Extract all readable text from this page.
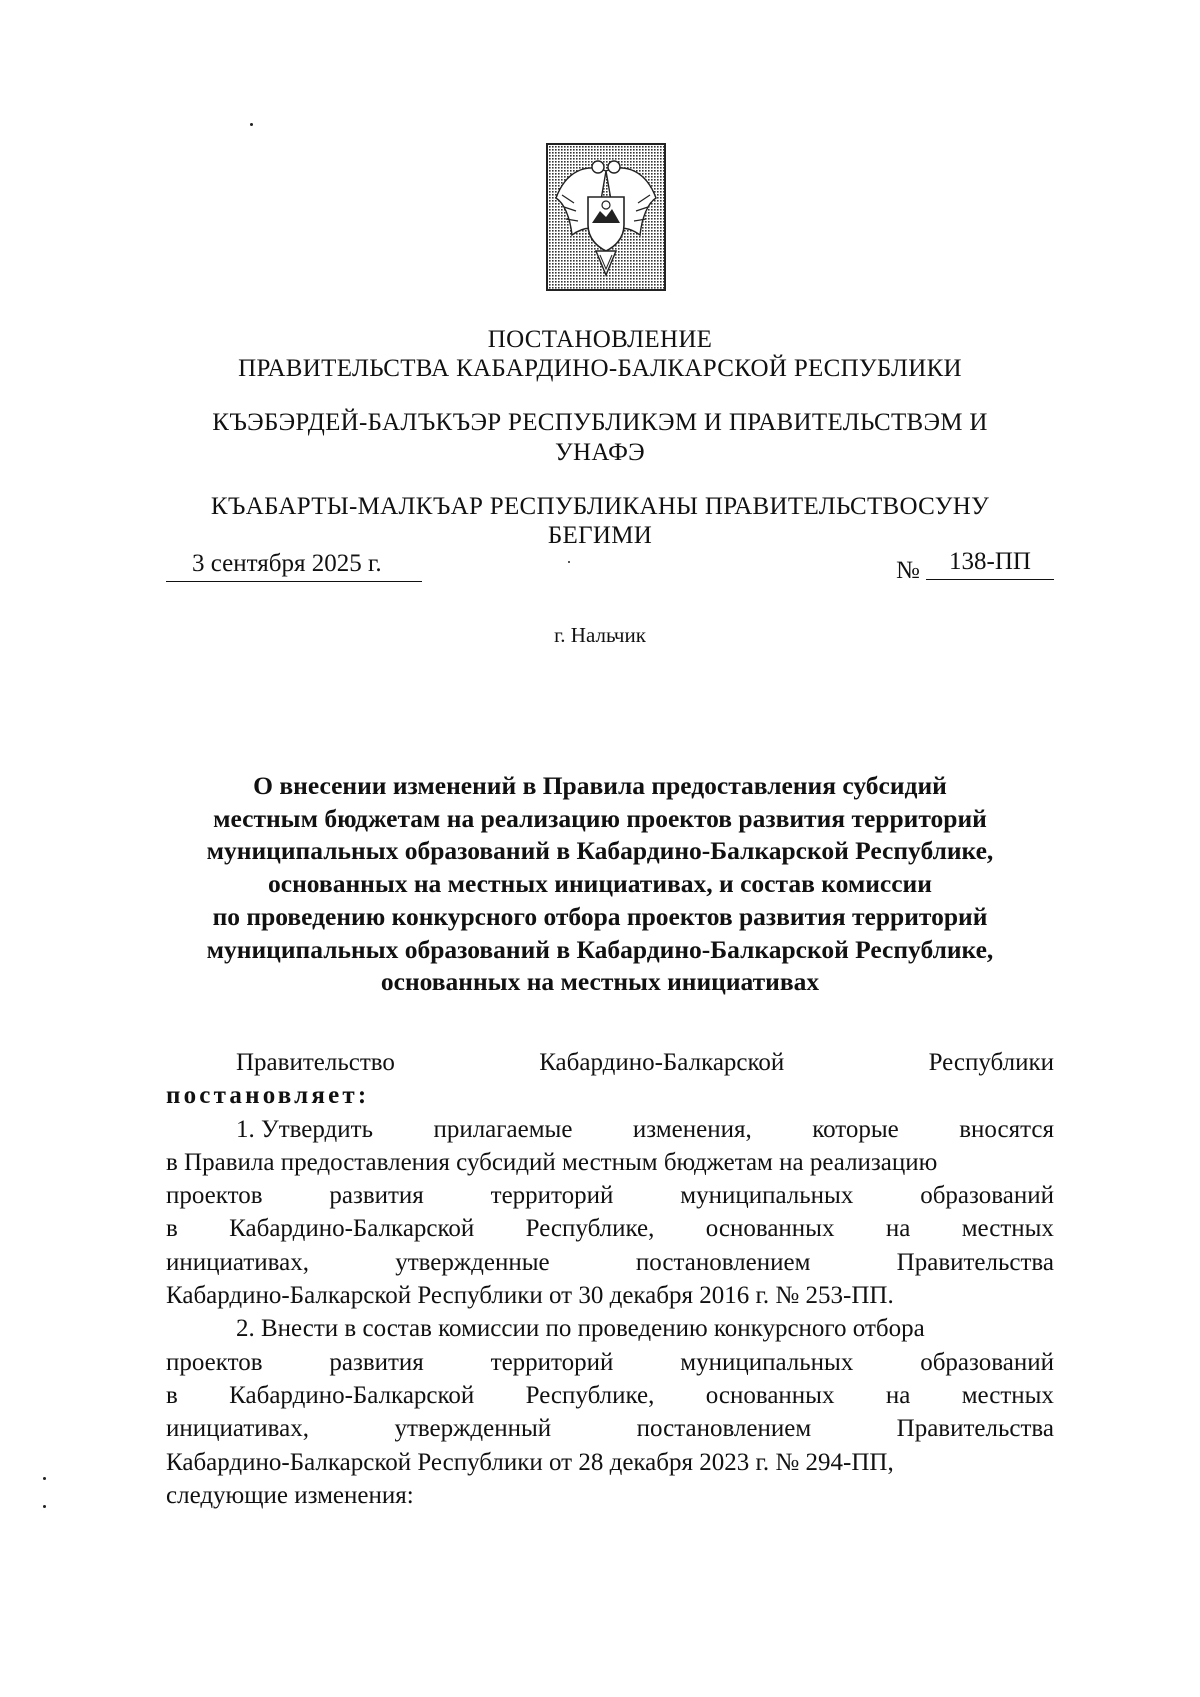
ПОСТАНОВЛЕНИЕ
ПРАВИТЕЛЬСТВА КАБАРДИНО-БАЛКАРСКОЙ РЕСПУБЛИКИ
КЪЭБЭРДЕЙ-БАЛЪКЪЭР РЕСПУБЛИКЭМ И ПРАВИТЕЛЬСТВЭМ И
УНАФЭ
КЪАБАРТЫ-МАЛКЪАР РЕСПУБЛИКАНЫ ПРАВИТЕЛЬСТВОСУНУ
БЕГИМИ
3 сентября 2025 г.	№	138-ПП
г. Нальчик
О внесении изменений в Правила предоставления субсидий
местным бюджетам на реализацию проектов развития территорий
муниципальных образований в Кабардино-Балкарской Республике,
основанных на местных инициативах, и состав комиссии
по проведению конкурсного отбора проектов развития территорий
муниципальных образований в Кабардино-Балкарской Республике,
основанных на местных инициативах
Правительство	Кабардино-Балкарской	Республики
постановляет:
1. Утвердить прилагаемые изменения, которые вносятся
в Правила предоставления субсидий местным бюджетам на реализацию
проектов	развития	территорий	муниципальных	образований
в Кабардино-Балкарской Республике, основанных на местных
инициативах,	утвержденные	постановлением	Правительства
Кабардино-Балкарской Республики от 30 декабря 2016 г. № 253-ПП.
2. Внести в состав комиссии по проведению конкурсного отбора
проектов	развития	территорий	муниципальных	образований
в Кабардино-Балкарской Республике, основанных на местных
инициативах,	утвержденный	постановлением	Правительства
Кабардино-Балкарской Республики от 28 декабря 2023 г. № 294-ПП,
следующие изменения:
